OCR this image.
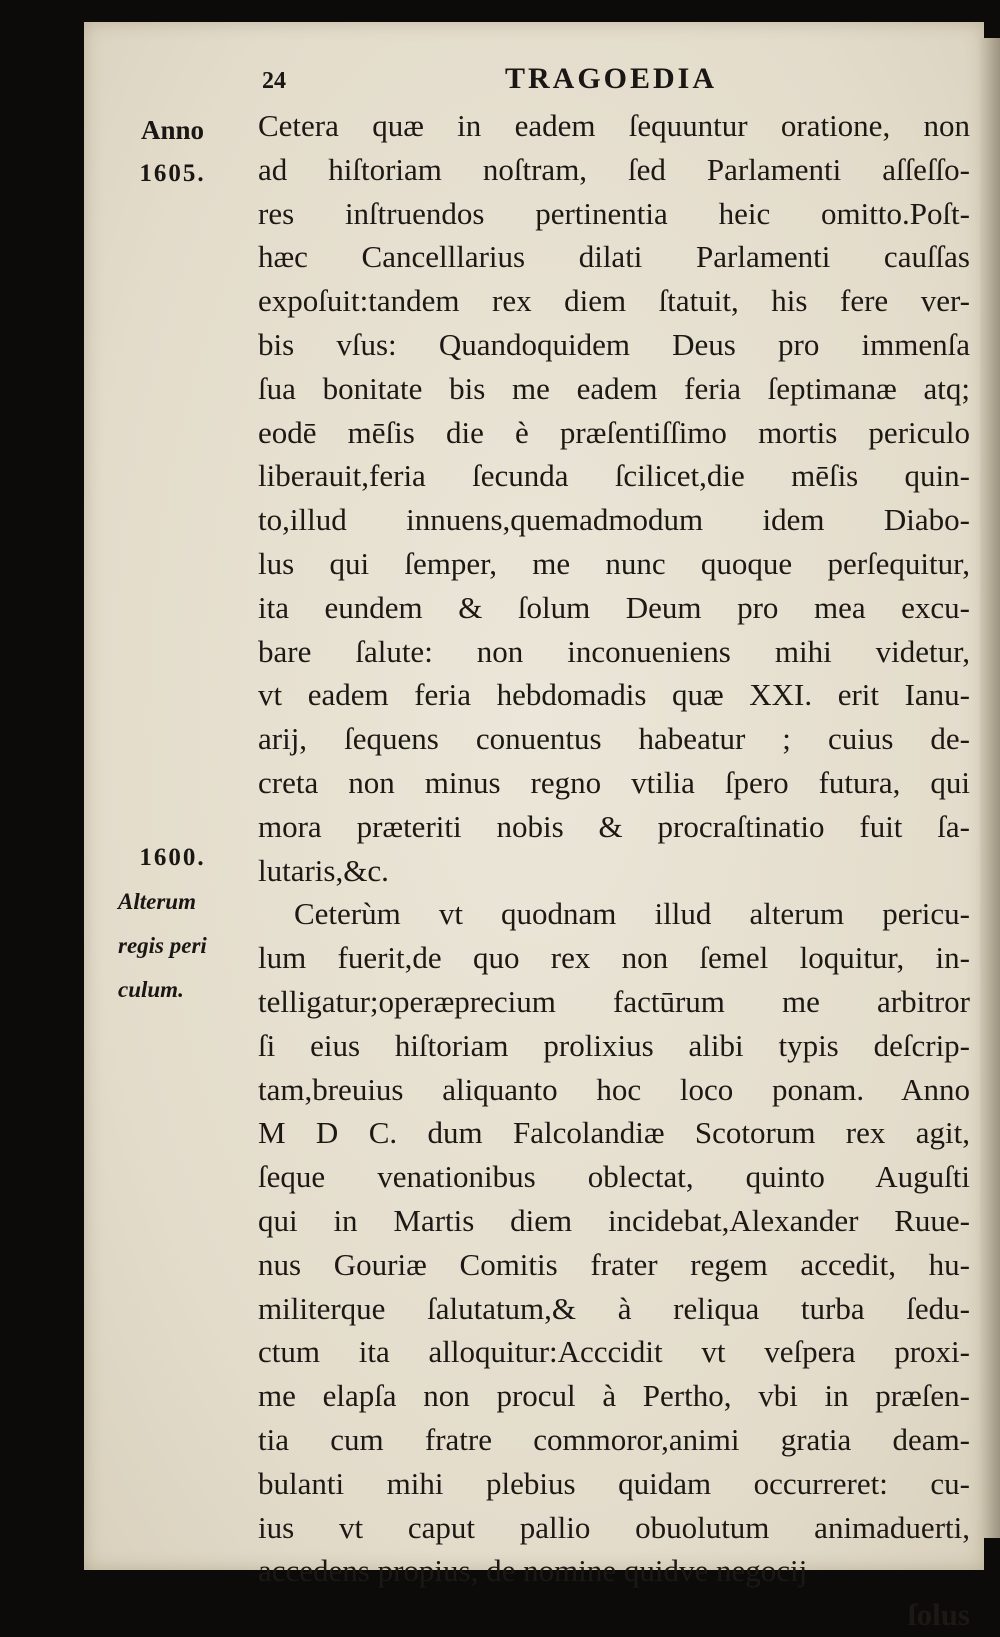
24	TRAGOEDIA
Anno
1605.
1600.
Alterum
regis peri
culum.
Cetera quæ in eadem ſequuntur oratione, non
ad hiſtoriam noſtram, ſed Parlamenti aſſeſſo-
res inſtruendos pertinentia heic omitto.Poſt-
hæc Cancelllarius dilati Parlamenti cauſſas
expoſuit:tandem rex diem ſtatuit, his fere ver-
bis vſus: Quandoquidem Deus pro immenſa
ſua bonitate bis me eadem feria ſeptimanæ atq;
eodē mēſis die è præſentiſſimo mortis periculo
liberauit,feria ſecunda ſcilicet,die mēſis quin-
to,illud innuens,quemadmodum idem Diabo-
lus qui ſemper, me nunc quoque perſequitur,
ita eundem & ſolum Deum pro mea excu-
bare ſalute: non inconueniens mihi videtur,
vt eadem feria hebdomadis quæ XXI. erit Ianu-
arij, ſequens conuentus habeatur ; cuius de-
creta non minus regno vtilia ſpero futura, qui
mora præteriti nobis & procraſtinatio fuit ſa-
lutaris,&c.
Ceterùm vt quodnam illud alterum pericu-
lum fuerit,de quo rex non ſemel loquitur, in-
telligatur;operæprecium factūrum me arbitror
ſi eius hiſtoriam prolixius alibi typis deſcrip-
tam,breuius aliquanto hoc loco ponam. Anno
M D C. dum Falcolandiæ Scotorum rex agit,
ſeque venationibus oblectat, quinto Auguſti
qui in Martis diem incidebat,Alexander Ruue-
nus Gouriæ Comitis frater regem accedit, hu-
militerque ſalutatum,& à reliqua turba ſedu-
ctum ita alloquitur:Acccidit vt veſpera proxi-
me elapſa non procul à Pertho, vbi in præſen-
tia cum fratre commoror,animi gratia deam-
bulanti mihi plebius quidam occurreret: cu-
ius vt caput pallio obuolutum animaduerti,
accedens propius, de nomine quidve negocij
ſolus
